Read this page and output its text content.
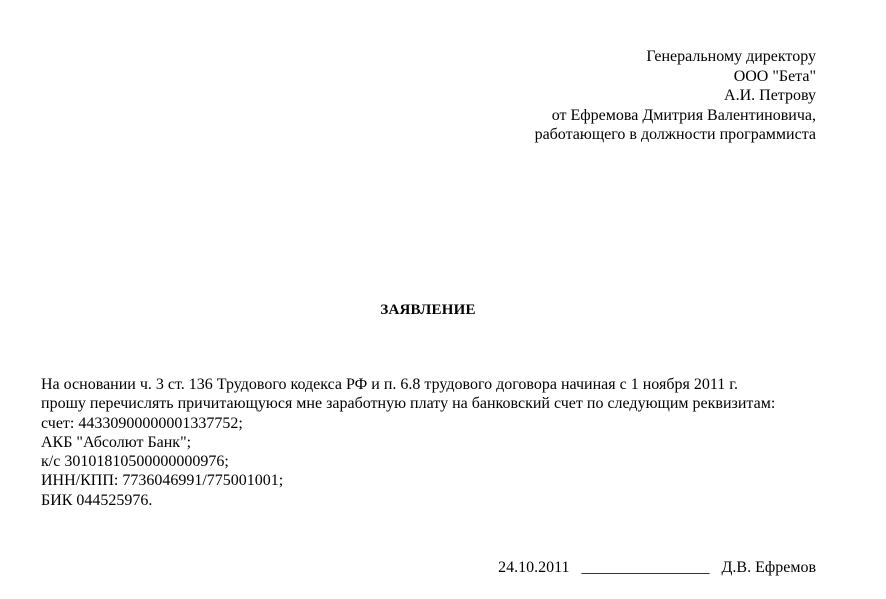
Генеральному директору
ООО "Бета"
А.И. Петрову
от Ефремова Дмитрия Валентиновича,
работающего в должности программиста
ЗАЯВЛЕНИЕ
На основании ч. 3 ст. 136 Трудового кодекса РФ и п. 6.8 трудового договора начиная с 1 ноября 2011 г.
прошу перечислять причитающуюся мне заработную плату на банковский счет по следующим реквизитам:
счет: 44330900000001337752;
АКБ "Абсолют Банк";
к/с 30101810500000000976;
ИНН/КПП: 7736046991/775001001;
БИК 044525976.
24.10.2011 ________________ Д.В. Ефремов
